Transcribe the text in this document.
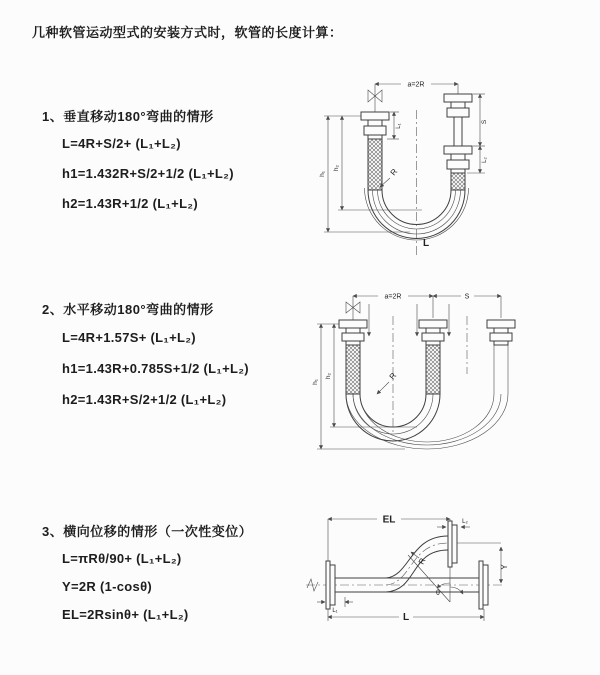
几种软管运动型式的安装方式时，软管的长度计算：
1、垂直移动180°弯曲的情形
L=4R+S/2+ (L₁+L₂)
h1=1.432R+S/2+1/2 (L₁+L₂)
h2=1.43R+1/2 (L₁+L₂)
2、水平移动180°弯曲的情形
L=4R+1.57S+ (L₁+L₂)
h1=1.43R+0.785S+1/2 (L₁+L₂)
h2=1.43R+S/2+1/2 (L₁+L₂)
3、横向位移的情形（一次性变位）
L=πRθ/90+ (L₁+L₂)
Y=2R (1-cosθ)
EL=2Rsinθ+ (L₁+L₂)
a=2R
h₁
h₂
S
L₂
L₁
R
L
a=2R	S
h₁
h₂	R
θ
EL	L₂
Y
L
L₁
R
